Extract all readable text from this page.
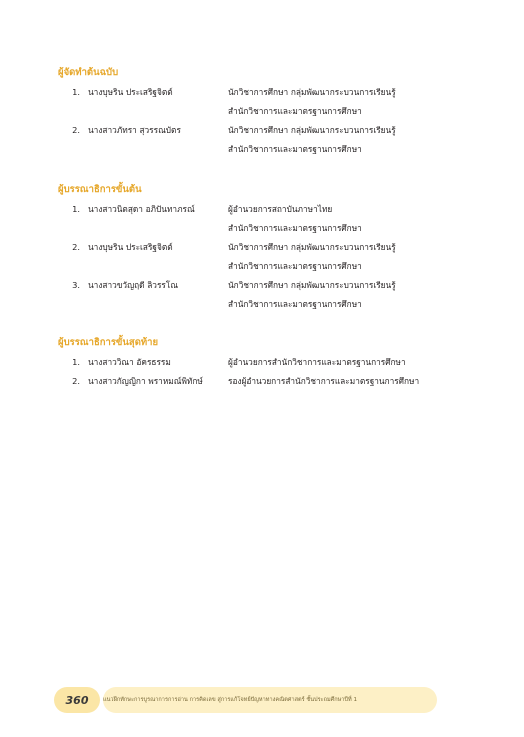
ผู้จัดทำต้นฉบับ
1. นางบุษริน ประเสริฐจิตต์	นักวิชาการศึกษา กลุ่มพัฒนากระบวนการเรียนรู้
สำนักวิชาการและมาตรฐานการศึกษา
2. นางสาวภัทรา สุวรรณบัตร	นักวิชาการศึกษา กลุ่มพัฒนากระบวนการเรียนรู้
สำนักวิชาการและมาตรฐานการศึกษา
ผู้บรรณาธิการขั้นต้น
1. นางสาวนิตสุดา อภิปันทาภรณ์	ผู้อำนวยการสถาบันภาษาไทย
สำนักวิชาการและมาตรฐานการศึกษา
2. นางบุษริน ประเสริฐจิตต์	นักวิชาการศึกษา กลุ่มพัฒนากระบวนการเรียนรู้
สำนักวิชาการและมาตรฐานการศึกษา
3. นางสาวขวัญฤดี ลิวรรโณ	นักวิชาการศึกษา กลุ่มพัฒนากระบวนการเรียนรู้
สำนักวิชาการและมาตรฐานการศึกษา
ผู้บรรณาธิการขั้นสุดท้าย
1. นางสาววิณา อัครธรรม	ผู้อำนวยการสำนักวิชาการและมาตรฐานการศึกษา
2. นางสาวกัญญิกา พราหมณ์พิทักษ์	รองผู้อำนวยการสำนักวิชาการและมาตรฐานการศึกษา
360	แนวฝึกทักษะการบูรณาการการอ่าน การคิดเลข สู่การแก้โจทย์ปัญหาทางคณิตศาสตร์ ชั้นประถมศึกษาปีที่ 1
